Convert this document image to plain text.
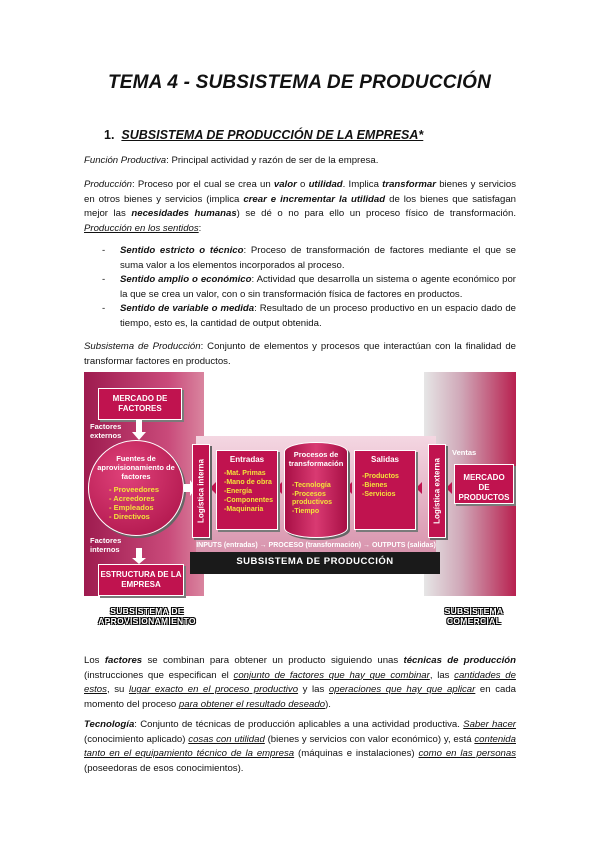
TEMA 4 - SUBSISTEMA DE PRODUCCIÓN
1. SUBSISTEMA DE PRODUCCIÓN DE LA EMPRESA*
Función Productiva: Principal actividad y razón de ser de la empresa.
Producción: Proceso por el cual se crea un valor o utilidad. Implica transformar bienes y servicios en otros bienes y servicios (implica crear e incrementar la utilidad de los bienes que satisfagan mejor las necesidades humanas) se dé o no para ello un proceso físico de transformación. Producción en los sentidos:
- Sentido estricto o técnico: Proceso de transformación de factores mediante el que se suma valor a los elementos incorporados al proceso.
- Sentido amplio o económico: Actividad que desarrolla un sistema o agente económico por la que se crea un valor, con o sin transformación física de factores en productos.
- Sentido de variable o medida: Resultado de un proceso productivo en un espacio dado de tiempo, esto es, la cantidad de output obtenida.
Subsistema de Producción: Conjunto de elementos y procesos que interactúan con la finalidad de transformar factores en productos.
MERCADO DE FACTORES
Factores externos
Fuentes de aprovisionamiento de factores
- Proveedores
- Acreedores
- Empleados
- Directivos
Factores internos
ESTRUCTURA DE LA EMPRESA
Logística interna	Entradas
-Mat. Primas
-Mano de obra
-Energía
-Componentes
-Maquinaria
Procesos de transformación
-Tecnología
-Procesos productivos
-Tiempo
Salidas
-Productos
-Bienes
-Servicios	Logística externa
Ventas
MERCADO DE PRODUCTOS
INPUTS (entradas) → PROCESO (transformación) → OUTPUTS (salidas)
SUBSISTEMA DE PRODUCCIÓN
SUBSISTEMA DE APROVISIONAMIENTO
SUBSISTEMA COMERCIAL
Los factores se combinan para obtener un producto siguiendo unas técnicas de producción (instrucciones que especifican el conjunto de factores que hay que combinar, las cantidades de estos, su lugar exacto en el proceso productivo y las operaciones que hay que aplicar en cada momento del proceso para obtener el resultado deseado).
Tecnología: Conjunto de técnicas de producción aplicables a una actividad productiva. Saber hacer (conocimiento aplicado) cosas con utilidad (bienes y servicios con valor económico) y, está contenida tanto en el equipamiento técnico de la empresa (máquinas e instalaciones) como en las personas (poseedoras de esos conocimientos).
